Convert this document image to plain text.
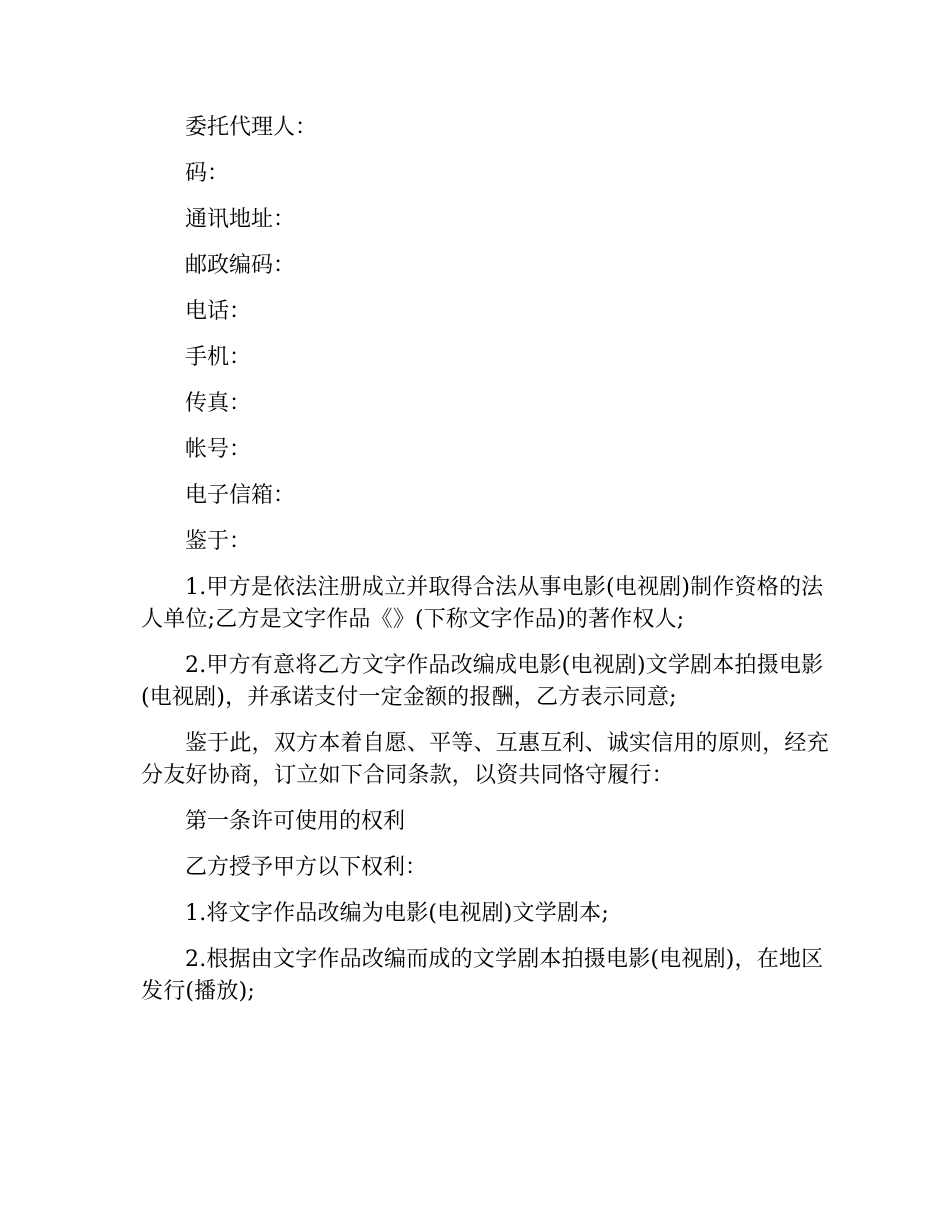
委托代理人：

码：

通讯地址：

邮政编码：

电话：

手机：

传真：

帐号：

电子信箱：

鉴于：

1.甲方是依法注册成立并取得合法从事电影(电视剧)制作资格的法人单位;乙方是文字作品《》(下称文字作品)的著作权人;

2.甲方有意将乙方文字作品改编成电影(电视剧)文学剧本拍摄电影(电视剧)，并承诺支付一定金额的报酬，乙方表示同意;

鉴于此，双方本着自愿、平等、互惠互利、诚实信用的原则，经充分友好协商，订立如下合同条款，以资共同恪守履行：

第一条许可使用的权利

乙方授予甲方以下权利：

1.将文字作品改编为电影(电视剧)文学剧本;

2.根据由文字作品改编而成的文学剧本拍摄电影(电视剧)，在地区发行(播放);
